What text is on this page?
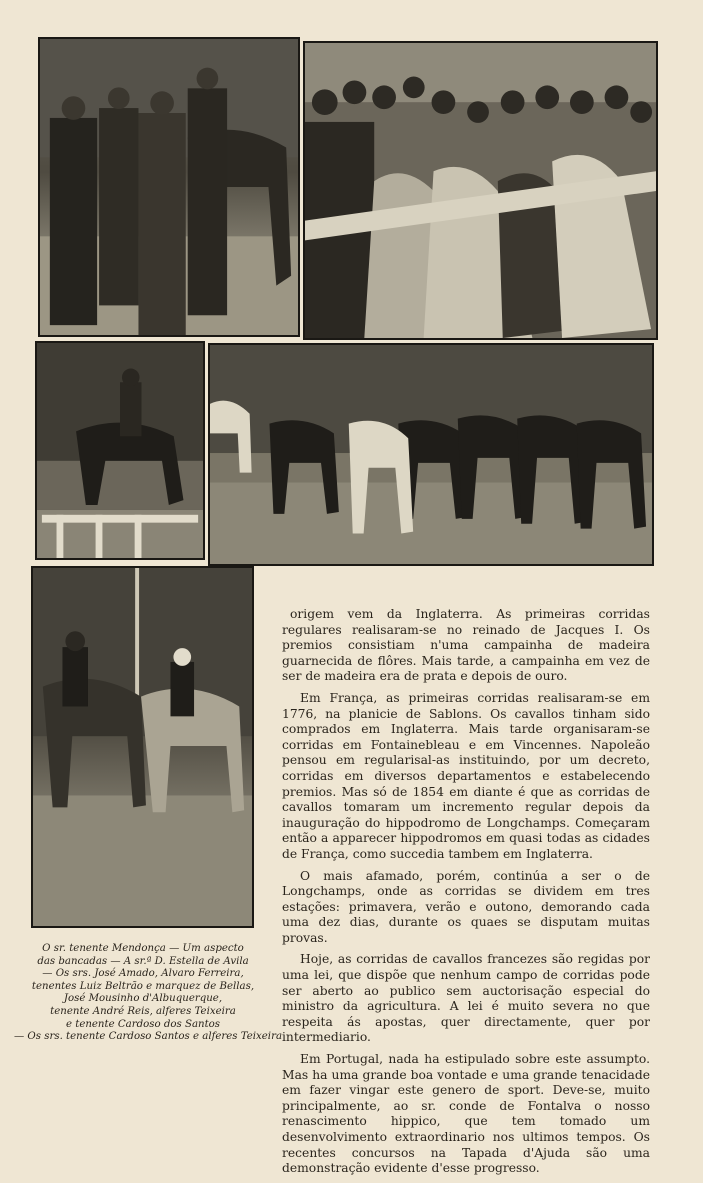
origem vem da Inglaterra. As primeiras corridas regulares realisaram-se no reinado de Jacques I. Os premios consistiam n'uma campainha de madeira guarnecida de flôres. Mais tarde, a campainha em vez de ser de madeira era de prata e depois de ouro.

Em França, as primeiras corridas realisaram-se em 1776, na planicie de Sablons. Os cavallos tinham sido comprados em Inglaterra. Mais tarde organisaram-se corridas em Fontainebleau e em Vincennes. Napoleão pensou em regularisal-as instituindo, por um decreto, corridas em diversos departamentos e estabelecendo premios. Mas só de 1854 em diante é que as corridas de cavallos tomaram um incremento regular depois da inauguração do hippodromo de Longchamps. Começaram então a apparecer hippodromos em quasi todas as cidades de França, como succedia tambem em Inglaterra.

O mais afamado, porém, continúa a ser o de Longchamps, onde as corridas se dividem em tres estações: primavera, verão e outono, demorando cada uma dez dias, durante os quaes se disputam muitas provas.

Hoje, as corridas de cavallos francezes são regidas por uma lei, que dispõe que nenhum campo de corridas pode ser aberto ao publico sem auctorisação especial do ministro da agricultura. A lei é muito severa no que respeita ás apostas, quer directamente, quer por intermediario.

Em Portugal, nada ha estipulado sobre este assumpto. Mas ha uma grande boa vontade e uma grande tenacidade em fazer vingar este genero de sport. Deve-se, muito principalmente, ao sr. conde de Fontalva o nosso renascimento hippico, que tem tomado um desenvolvimento extraordinario nos ultimos tempos. Os recentes concursos na Tapada d'Ajuda são uma demonstração evidente d'esse progresso.

O sr. tenente Mendonça — Um aspecto
das bancadas — A sr.ª D. Estella de Avila
— Os srs. José Amado, Alvaro Ferreira,
tenentes Luiz Beltrão e marquez de Bellas,
José Mousinho d'Albuquerque,
tenente André Reis, alferes Teixeira
e tenente Cardoso dos Santos
— Os srs. tenente Cardoso Santos e alferes Teixeira
